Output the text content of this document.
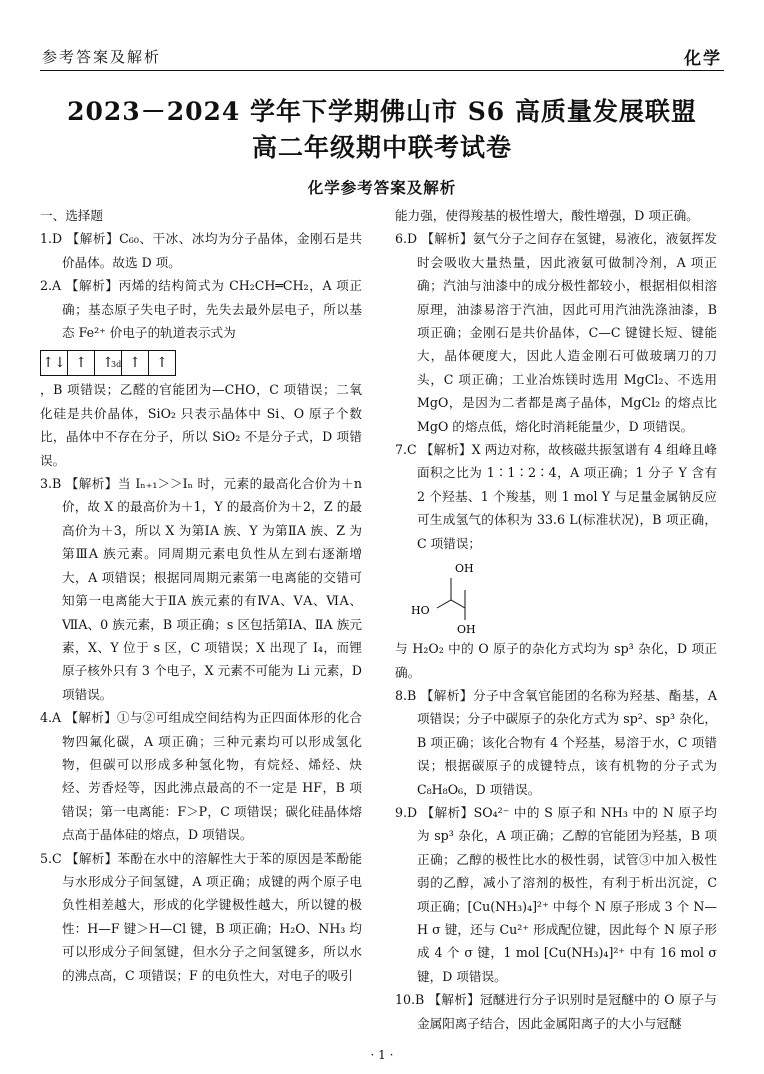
参考答案及解析	化学
2023－2024 学年下学期佛山市 S6 高质量发展联盟
高二年级期中联考试卷
化学参考答案及解析

一、选择题

1.D 【解析】C₆₀、干冰、冰均为分子晶体，金刚石是共价晶体。故选 D 项。

2.A 【解析】丙烯的结构简式为 CH₂CH═CH₂，A 项正确；基态原子失电子时，先失去最外层电子，所以基态 Fe²⁺ 价电子的轨道表示式为

3d
↑↓ ↑	↑	↑	↑

，B 项错误；乙醛的官能团为—CHO，C 项错误；二氧化硅是共价晶体，SiO₂ 只表示晶体中 Si、O 原子个数比，晶体中不存在分子，所以 SiO₂ 不是分子式，D 项错误。

3.B 【解析】当 Iₙ₊₁＞＞Iₙ 时，元素的最高化合价为＋n 价，故 X 的最高价为＋1，Y 的最高价为＋2，Z 的最高价为＋3，所以 X 为第ⅠA 族、Y 为第ⅡA 族、Z 为第ⅢA 族元素。同周期元素电负性从左到右逐渐增大，A 项错误；根据同周期元素第一电离能的交错可知第一电离能大于ⅡA 族元素的有ⅣA、ⅤA、ⅥA、ⅦA、0 族元素，B 项正确；s 区包括第ⅠA、ⅡA 族元素，X、Y 位于 s 区，C 项错误；X 出现了 I₄，而锂原子核外只有 3 个电子，X 元素不可能为 Li 元素，D 项错误。

4.A 【解析】①与②可组成空间结构为正四面体形的化合物四氟化碳，A 项正确；三种元素均可以形成氢化物，但碳可以形成多种氢化物，有烷烃、烯烃、炔烃、芳香烃等，因此沸点最高的不一定是 HF，B 项错误；第一电离能：F＞P，C 项错误；碳化硅晶体熔点高于晶体硅的熔点，D 项错误。

5.C 【解析】苯酚在水中的溶解性大于苯的原因是苯酚能与水形成分子间氢键，A 项正确；成键的两个原子电负性相差越大，形成的化学键极性越大，所以键的极性：H—F 键＞H—Cl 键，B 项正确；H₂O、NH₃ 均可以形成分子间氢键，但水分子之间氢键多，所以水的沸点高，C 项错误；F 的电负性大，对电子的吸引

能力强，使得羧基的极性增大，酸性增强，D 项正确。

6.D 【解析】氨气分子之间存在氢键，易液化，液氨挥发时会吸收大量热量，因此液氨可做制冷剂，A 项正确；汽油与油漆中的成分极性都较小，根据相似相溶原理，油漆易溶于汽油，因此可用汽油洗涤油漆，B 项正确；金刚石是共价晶体，C—C 键键长短、键能大，晶体硬度大，因此人造金刚石可做玻璃刀的刀头，C 项正确；工业冶炼镁时选用 MgCl₂、不选用 MgO，是因为二者都是离子晶体，MgCl₂ 的熔点比 MgO 的熔点低，熔化时消耗能量少，D 项错误。

7.C 【解析】X 两边对称，故核磁共振氢谱有 4 组峰且峰面积之比为 1∶1∶2∶4，A 项正确；1 分子 Y 含有 2 个羟基、1 个羧基，则 1 mol Y 与足量金属钠反应可生成氢气的体积为 33.6 L(标准状况)，B 项正确，C 项错误；

OH
HO
OH

与 H₂O₂ 中的 O 原子的杂化方式均为 sp³ 杂化，D 项正确。

8.B 【解析】分子中含氧官能团的名称为羟基、酯基，A 项错误；分子中碳原子的杂化方式为 sp²、sp³ 杂化，B 项正确；该化合物有 4 个羟基，易溶于水，C 项错误；根据碳原子的成键特点，该有机物的分子式为 C₈H₈O₆，D 项错误。

9.D 【解析】SO₄²⁻ 中的 S 原子和 NH₃ 中的 N 原子均为 sp³ 杂化，A 项正确；乙醇的官能团为羟基，B 项正确；乙醇的极性比水的极性弱，试管③中加入极性弱的乙醇，减小了溶剂的极性，有利于析出沉淀，C 项正确；[Cu(NH₃)₄]²⁺ 中每个 N 原子形成 3 个 N—H σ 键，还与 Cu²⁺ 形成配位键，因此每个 N 原子形成 4 个 σ 键，1 mol [Cu(NH₃)₄]²⁺ 中有 16 mol σ 键，D 项错误。

10.B 【解析】冠醚进行分子识别时是冠醚中的 O 原子与金属阳离子结合，因此金属阳离子的大小与冠醚

· 1 ·
